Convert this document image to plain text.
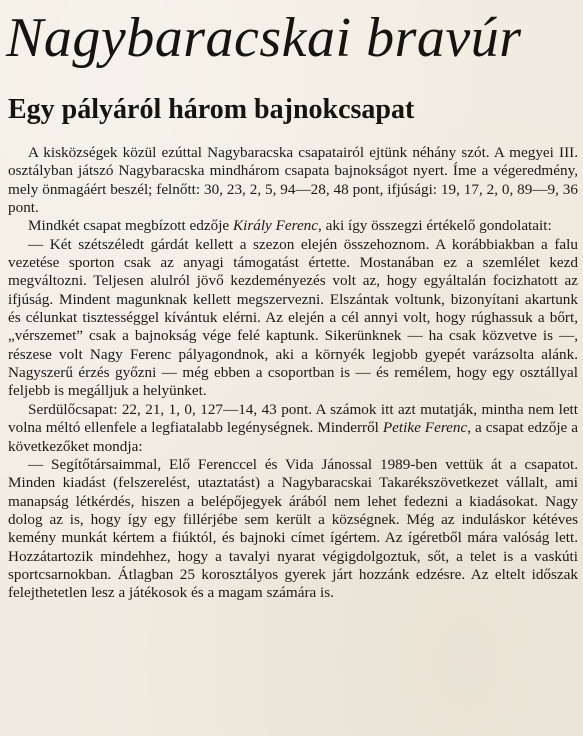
Nagybaracskai bravúr
Egy pályáról három bajnokcsapat

A kisközségek közül ezúttal Nagybaracska csapatairól ejtünk néhány szót. A megyei III. osztályban játszó Nagybaracska mindhárom csapata bajnokságot nyert. Íme a végeredmény, mely önmagáért beszél; felnőtt: 30, 23, 2, 5, 94—28, 48 pont, ifjúsági: 19, 17, 2, 0, 89—9, 36 pont.

Mindkét csapat megbízott edzője Király Ferenc, aki így összegzi értékelő gondolatait:

— Két szétszéledt gárdát kellett a szezon elején összehoznom. A korábbiakban a falu vezetése sporton csak az anyagi támogatást értette. Mostanában ez a szemlélet kezd megváltozni. Teljesen alulról jövő kezdeményezés volt az, hogy egyáltalán focizhatott az ifjúság. Mindent magunknak kellett megszervezni. Elszántak voltunk, bizonyítani akartunk és célunkat tisztességgel kívántuk elérni. Az elején a cél annyi volt, hogy rúghassuk a bőrt, „vérszemet” csak a bajnokság vége felé kaptunk. Sikerünknek — ha csak közvetve is —, részese volt Nagy Ferenc pályagondnok, aki a környék legjobb gyepét varázsolta alánk. Nagyszerű érzés győzni — még ebben a csoportban is — és remélem, hogy egy osztállyal feljebb is megálljuk a helyünket.

Serdülőcsapat: 22, 21, 1, 0, 127—14, 43 pont. A számok itt azt mutatják, mintha nem lett volna méltó ellenfele a legfiatalabb legénységnek. Minderről Petike Ferenc, a csapat edzője a következőket mondja:

— Segítőtársaimmal, Elő Ferenccel és Vida Jánossal 1989-ben vettük át a csapatot. Minden kiadást (felszerelést, utaztatást) a Nagybaracskai Takarékszövetkezet vállalt, ami manapság létkérdés, hiszen a belépőjegyek árából nem lehet fedezni a kiadásokat. Nagy dolog az is, hogy így egy fillérjébe sem került a községnek. Még az induláskor kétéves kemény munkát kértem a fiúktól, és bajnoki címet ígértem. Az ígéretből mára valóság lett. Hozzátartozik mindehhez, hogy a tavalyi nyarat végigdolgoztuk, sőt, a telet is a vaskúti sportcsarnokban. Átlagban 25 korosztályos gyerek járt hozzánk edzésre. Az eltelt időszak felejthetetlen lesz a játékosok és a magam számára is.
